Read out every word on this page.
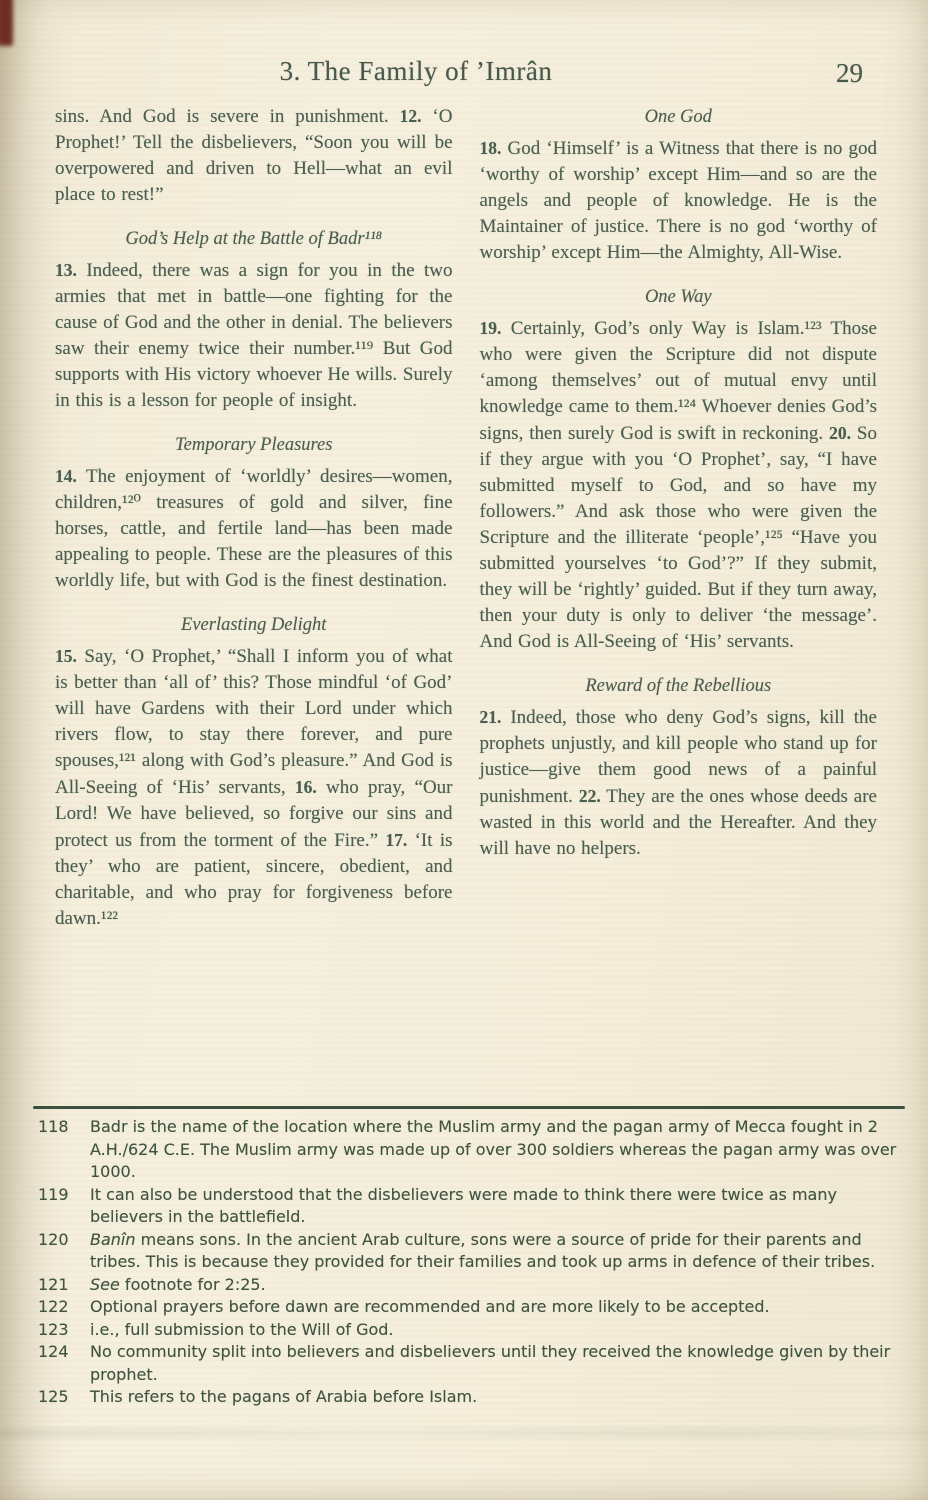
3. The Family of ’Imrân	29
sins. And God is severe in punishment. 12. ‘O Prophet!’ Tell the disbelievers, “Soon you will be overpowered and driven to Hell—what an evil place to rest!”
God’s Help at the Battle of Badr¹¹⁸
13. Indeed, there was a sign for you in the two armies that met in battle—one fighting for the cause of God and the other in denial. The believers saw their enemy twice their number.¹¹⁹ But God supports with His victory whoever He wills. Surely in this is a lesson for people of insight.
Temporary Pleasures
14. The enjoyment of ‘worldly’ desires—women, children,¹²⁰ treasures of gold and silver, fine horses, cattle, and fertile land—has been made appealing to people. These are the pleasures of this worldly life, but with God is the finest destination.
Everlasting Delight
15. Say, ‘O Prophet,’ “Shall I inform you of what is better than ‘all of’ this? Those mindful ‘of God’ will have Gardens with their Lord under which rivers flow, to stay there forever, and pure spouses,¹²¹ along with God’s pleasure.” And God is All-Seeing of ‘His’ servants, 16. who pray, “Our Lord! We have believed, so forgive our sins and protect us from the torment of the Fire.” 17. ‘It is they’ who are patient, sincere, obedient, and charitable, and who pray for forgiveness before dawn.¹²²
One God
18. God ‘Himself’ is a Witness that there is no god ‘worthy of worship’ except Him—and so are the angels and people of knowledge. He is the Maintainer of justice. There is no god ‘worthy of worship’ except Him—the Almighty, All-Wise.
One Way
19. Certainly, God’s only Way is Islam.¹²³ Those who were given the Scripture did not dispute ‘among themselves’ out of mutual envy until knowledge came to them.¹²⁴ Whoever denies God’s signs, then surely God is swift in reckoning. 20. So if they argue with you ‘O Prophet’, say, “I have submitted myself to God, and so have my followers.” And ask those who were given the Scripture and the illiterate ‘people’,¹²⁵ “Have you submitted yourselves ‘to God’?” If they submit, they will be ‘rightly’ guided. But if they turn away, then your duty is only to deliver ‘the message’. And God is All-Seeing of ‘His’ servants.
Reward of the Rebellious
21. Indeed, those who deny God’s signs, kill the prophets unjustly, and kill people who stand up for justice—give them good news of a painful punishment. 22. They are the ones whose deeds are wasted in this world and the Hereafter. And they will have no helpers.
118	Badr is the name of the location where the Muslim army and the pagan army of Mecca fought in 2 A.H./624 C.E. The Muslim army was made up of over 300 soldiers whereas the pagan army was over 1000.
119	It can also be understood that the disbelievers were made to think there were twice as many believers in the battlefield.
120	Banîn means sons. In the ancient Arab culture, sons were a source of pride for their parents and tribes. This is because they provided for their families and took up arms in defence of their tribes.
121	See footnote for 2:25.
122	Optional prayers before dawn are recommended and are more likely to be accepted.
123	i.e., full submission to the Will of God.
124	No community split into believers and disbelievers until they received the knowledge given by their prophet.
125	This refers to the pagans of Arabia before Islam.
